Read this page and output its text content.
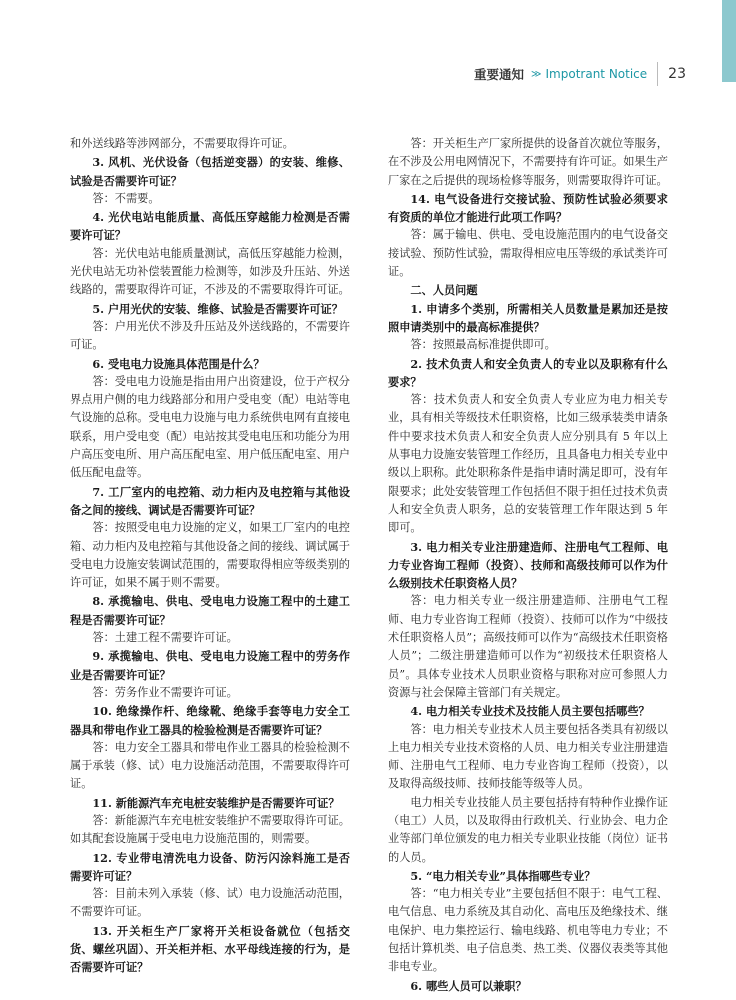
重要通知 ≫ Impotrant Notice 23

和外送线路等涉网部分，不需要取得许可证。

3. 风机、光伏设备（包括逆变器）的安装、维修、试验是否需要许可证？

答：不需要。

4. 光伏电站电能质量、高低压穿越能力检测是否需要许可证？

答：光伏电站电能质量测试，高低压穿越能力检测，光伏电站无功补偿装置能力检测等，如涉及升压站、外送线路的，需要取得许可证，不涉及的不需要取得许可证。

5. 户用光伏的安装、维修、试验是否需要许可证？

答：户用光伏不涉及升压站及外送线路的，不需要许可证。

6. 受电电力设施具体范围是什么？

答：受电电力设施是指由用户出资建设，位于产权分界点用户侧的电力线路部分和用户受电变（配）电站等电气设施的总称。受电电力设施与电力系统供电网有直接电联系，用户受电变（配）电站按其受电电压和功能分为用户高压变电所、用户高压配电室、用户低压配电室、用户低压配电盘等。

7. 工厂室内的电控箱、动力柜内及电控箱与其他设备之间的接线、调试是否需要许可证？

答：按照受电电力设施的定义，如果工厂室内的电控箱、动力柜内及电控箱与其他设备之间的接线、调试属于受电电力设施安装调试范围的，需要取得相应等级类别的许可证，如果不属于则不需要。

8. 承揽输电、供电、受电电力设施工程中的土建工程是否需要许可证？

答：土建工程不需要许可证。

9. 承揽输电、供电、受电电力设施工程中的劳务作业是否需要许可证？

答：劳务作业不需要许可证。

10. 绝缘操作杆、绝缘靴、绝缘手套等电力安全工器具和带电作业工器具的检验检测是否需要许可证？

答：电力安全工器具和带电作业工器具的检验检测不属于承装（修、试）电力设施活动范围，不需要取得许可证。

11. 新能源汽车充电桩安装维护是否需要许可证？

答：新能源汽车充电桩安装维护不需要取得许可证。如其配套设施属于受电电力设施范围的，则需要。

12. 专业带电清洗电力设备、防污闪涂料施工是否需要许可证？

答：目前未列入承装（修、试）电力设施活动范围，不需要许可证。

13. 开关柜生产厂家将开关柜设备就位（包括交货、螺丝巩固）、开关柜并柜、水平母线连接的行为，是否需要许可证？

答：开关柜生产厂家所提供的设备首次就位等服务，在不涉及公用电网情况下，不需要持有许可证。如果生产厂家在之后提供的现场检修等服务，则需要取得许可证。

14. 电气设备进行交接试验、预防性试验必须要求有资质的单位才能进行此项工作吗？

答：属于输电、供电、受电设施范围内的电气设备交接试验、预防性试验，需取得相应电压等级的承试类许可证。

二、人员问题

1. 申请多个类别，所需相关人员数量是累加还是按照申请类别中的最高标准提供？

答：按照最高标准提供即可。

2. 技术负责人和安全负责人的专业以及职称有什么要求？

答：技术负责人和安全负责人专业应为电力相关专业，具有相关等级技术任职资格，比如三级承装类申请条件中要求技术负责人和安全负责人应分别具有 5 年以上从事电力设施安装管理工作经历，且具备电力相关专业中级以上职称。此处职称条件是指申请时满足即可，没有年限要求；此处安装管理工作包括但不限于担任过技术负责人和安全负责人职务，总的安装管理工作年限达到 5 年即可。

3. 电力相关专业注册建造师、注册电气工程师、电力专业咨询工程师（投资）、技师和高级技师可以作为什么级别技术任职资格人员？

答：电力相关专业一级注册建造师、注册电气工程师、电力专业咨询工程师（投资）、技师可以作为“中级技术任职资格人员”；高级技师可以作为“高级技术任职资格人员”；二级注册建造师可以作为“初级技术任职资格人员”。具体专业技术人员职业资格与职称对应可参照人力资源与社会保障主管部门有关规定。

4. 电力相关专业技术及技能人员主要包括哪些？

答：电力相关专业技术人员主要包括各类具有初级以上电力相关专业技术资格的人员、电力相关专业注册建造师、注册电气工程师、电力专业咨询工程师（投资），以及取得高级技师、技师技能等级等人员。

电力相关专业技能人员主要包括持有特种作业操作证（电工）人员，以及取得由行政机关、行业协会、电力企业等部门单位颁发的电力相关专业职业技能（岗位）证书的人员。

5. “电力相关专业”具体指哪些专业？

答：“电力相关专业”主要包括但不限于：电气工程、电气信息、电力系统及其自动化、高电压及绝缘技术、继电保护、电力集控运行、输电线路、机电等电力专业；不包括计算机类、电子信息类、热工类、仪器仪表类等其他非电专业。

6. 哪些人员可以兼职？
